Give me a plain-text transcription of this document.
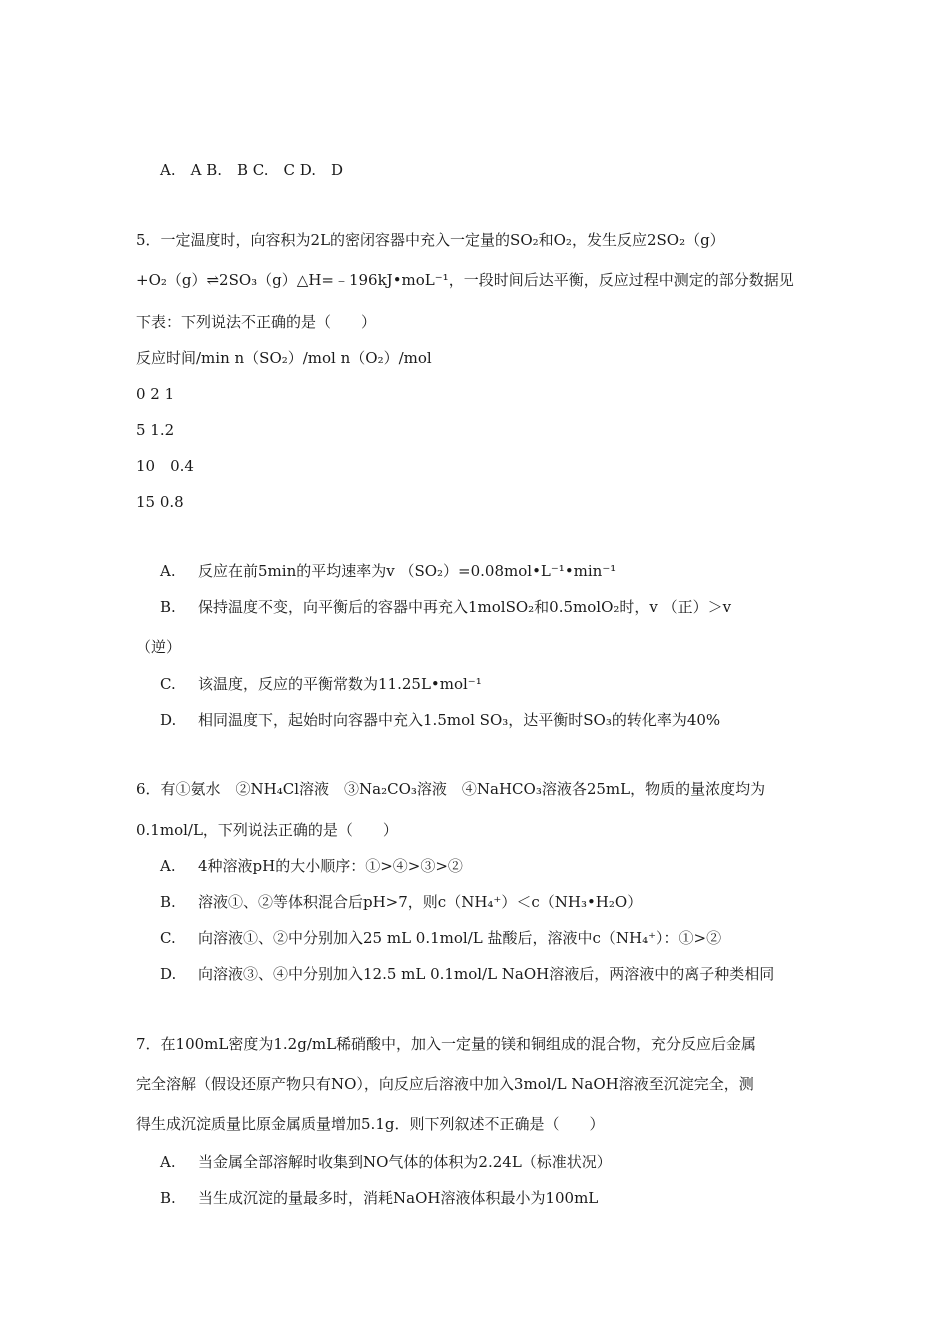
A.　A B.　B C.　C D.　D
5．一定温度时，向容积为2L的密闭容器中充入一定量的SO₂和O₂，发生反应2SO₂（g）
+O₂（g）⇌2SO₃（g）△H=﹣196kJ•moL⁻¹，一段时间后达平衡，反应过程中测定的部分数据见
下表：下列说法不正确的是（　　）
反应时间/min n（SO₂）/mol n（O₂）/mol
0 2 1
5 1.2
10　0.4
15 0.8
A. 反应在前5min的平均速率为v （SO₂）=0.08mol•L⁻¹•min⁻¹
B. 保持温度不变，向平衡后的容器中再充入1molSO₂和0.5molO₂时，v （正）＞v
（逆）
C. 该温度，反应的平衡常数为11.25L•mol⁻¹
D. 相同温度下，起始时向容器中充入1.5mol SO₃，达平衡时SO₃的转化率为40%
6．有①氨水　②NH₄Cl溶液　③Na₂CO₃溶液　④NaHCO₃溶液各25mL，物质的量浓度均为
0.1mol/L，下列说法正确的是（　　）
A. 4种溶液pH的大小顺序：①>④>③>②
B. 溶液①、②等体积混合后pH>7，则c（NH₄⁺）＜c（NH₃•H₂O）
C. 向溶液①、②中分别加入25 mL 0.1mol/L 盐酸后，溶液中c（NH₄⁺）：①>②
D. 向溶液③、④中分别加入12.5 mL 0.1mol/L NaOH溶液后，两溶液中的离子种类相同
7．在100mL密度为1.2g/mL稀硝酸中，加入一定量的镁和铜组成的混合物，充分反应后金属
完全溶解（假设还原产物只有NO），向反应后溶液中加入3mol/L NaOH溶液至沉淀完全，测
得生成沉淀质量比原金属质量增加5.1g．则下列叙述不正确是（　　）
A. 当金属全部溶解时收集到NO气体的体积为2.24L（标准状况）
B. 当生成沉淀的量最多时，消耗NaOH溶液体积最小为100mL
